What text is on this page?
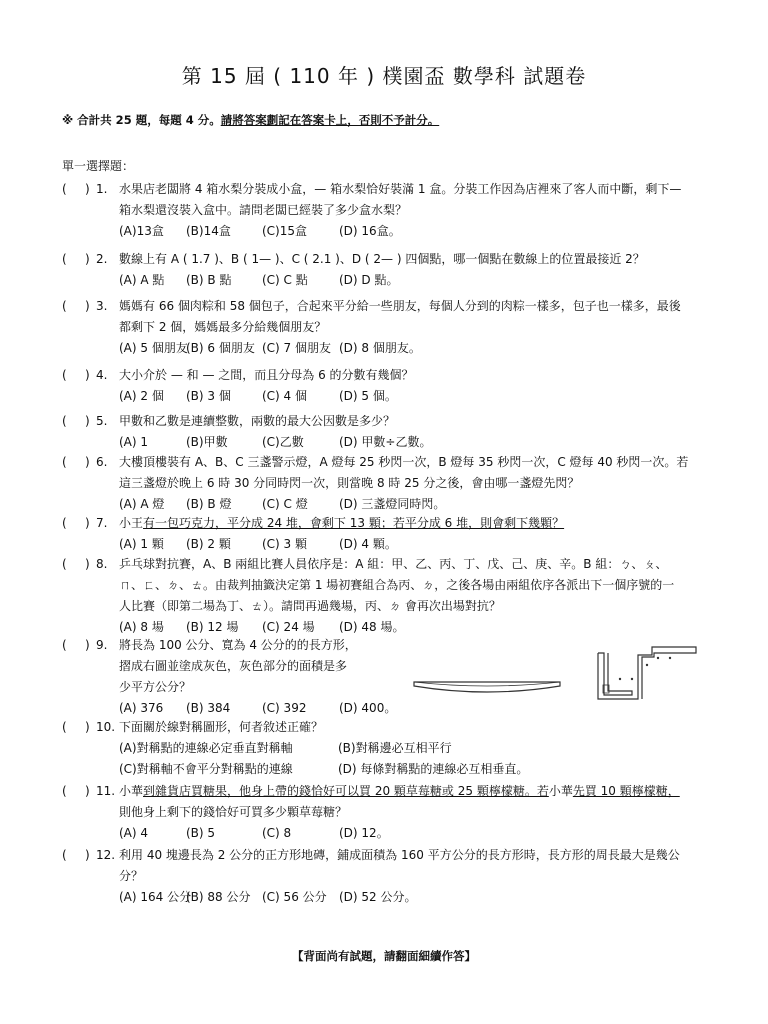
第 15 屆 ( 110 年 ) 樸園盃 數學科 試題卷
※ 合計共 25 題，每題 4 分。請將答案劃記在答案卡上，否則不予計分。
單一選擇題：
( ) 1. 水果店老闆將 4 箱水梨分裝成小盒，— 箱水梨恰好裝滿 1 盒。分裝工作因為店裡來了客人而中斷，剩下—
箱水梨還沒裝入盒中。請問老闆已經裝了多少盒水梨？
(A)13盒 (B)14盒	(C)15盒	(D) 16盒。
( ) 2. 數線上有 A ( 1.7 )、B ( 1— )、C ( 2.1 )、D ( 2— ) 四個點，哪一個點在數線上的位置最接近 2？
(A) A 點 (B) B 點	(C) C 點	(D) D 點。
( ) 3. 媽媽有 66 個肉粽和 58 個包子，合起來平分給一些朋友，每個人分到的肉粽一樣多，包子也一樣多，最後
都剩下 2 個，媽媽最多分給幾個朋友？
(A) 5 個朋友
(B) 6 個朋友 (C) 7 個朋友 (D) 8 個朋友。
( ) 4. 大小介於 — 和 — 之間，而且分母為 6 的分數有幾個？
(A) 2 個 (B) 3 個	(C) 4 個	(D) 5 個。
( ) 5. 甲數和乙數是連續整數，兩數的最大公因數是多少？
(A) 1	(B)甲數	(C)乙數	(D) 甲數÷乙數。
( ) 6. 大樓頂樓裝有 A、B、C 三盞警示燈，A 燈每 25 秒閃一次，B 燈每 35 秒閃一次，C 燈每 40 秒閃一次。若
這三盞燈於晚上 6 時 30 分同時閃一次，則當晚 8 時 25 分之後，會由哪一盞燈先閃？
(A) A 燈 (B) B 燈	(C) C 燈	(D) 三盞燈同時閃。
( ) 7. 小王有一包巧克力，平分成 24 堆，會剩下 13 顆；若平分成 6 堆，則會剩下幾顆？
(A) 1 顆 (B) 2 顆	(C) 3 顆	(D) 4 顆。
( ) 8. 乒乓球對抗賽，A、B 兩組比賽人員依序是：A 組：甲、乙、丙、丁、戊、己、庚、辛。B 組：ㄅ、ㄆ、
ㄇ、ㄈ、ㄉ、ㄊ。由裁判抽籤決定第 1 場初賽組合為丙、ㄉ，之後各場由兩組依序各派出下一個序號的一
人比賽（即第二場為丁、ㄊ）。請問再過幾場，丙、ㄉ 會再次出場對抗？
(A) 8 場 (B) 12 場 (C) 24 場 (D) 48 場。
( ) 9. 將長為 100 公分、寬為 4 公分的的長方形，
摺成右圖並塗成灰色，灰色部分的面積是多
少平方公分？
(A) 376 (B) 384	(C) 392	(D) 400。
( ) 10. 下面關於線對稱圖形，何者敘述正確？
(A)對稱點的連線必定垂直對稱軸	(B)對稱邊必互相平行
(C)對稱軸不會平分對稱點的連線	(D) 每條對稱點的連線必互相垂直。
( ) 11. 小華到雜貨店買糖果，他身上帶的錢恰好可以買 20 顆草莓糖或 25 顆檸檬糖。若小華先買 10 顆檸檬糖，
則他身上剩下的錢恰好可買多少顆草莓糖？
(A) 4	(B) 5	(C) 8	(D) 12。
( ) 12. 利用 40 塊邊長為 2 公分的正方形地磚，鋪成面積為 160 平方公分的長方形時，長方形的周長最大是幾公
分？
(A) 164 公分
(B) 88 公分 (C) 56 公分 (D) 52 公分。
【背面尚有試題，請翻面細續作答】
